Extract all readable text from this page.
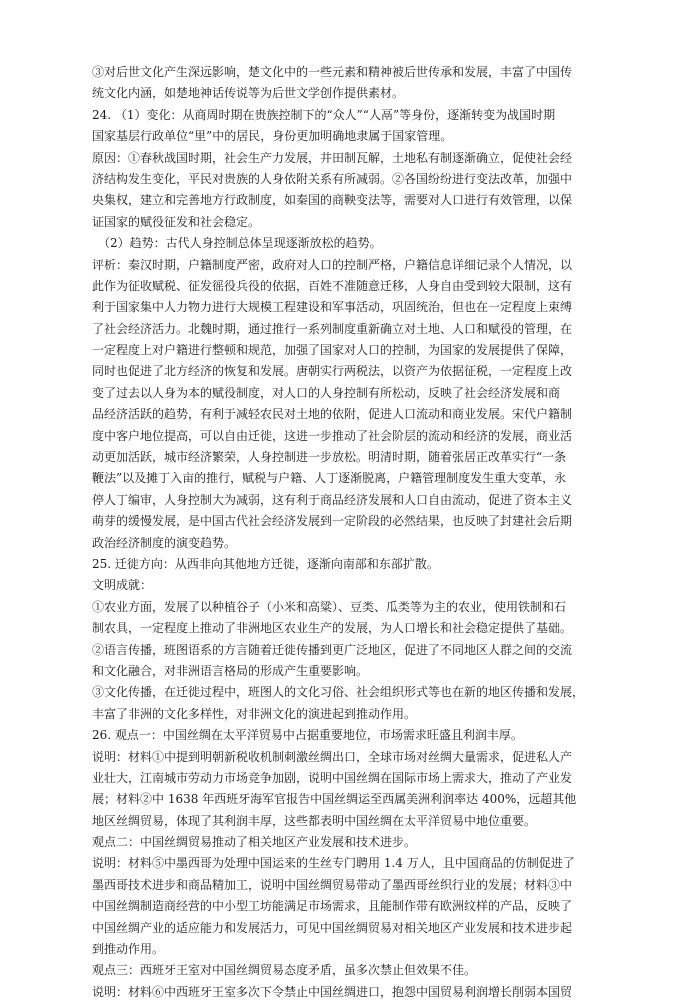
③对后世文化产生深远影响，楚文化中的一些元素和精神被后世传承和发展，丰富了中国传
统文化内涵，如楚地神话传说等为后世文学创作提供素材。
24. （1）变化：从商周时期在贵族控制下的“众人”“人鬲”等身份，逐渐转变为战国时期
国家基层行政单位“里”中的居民，身份更加明确地隶属于国家管理。
原因：①春秋战国时期，社会生产力发展，井田制瓦解，土地私有制逐渐确立，促使社会经
济结构发生变化，平民对贵族的人身依附关系有所减弱。②各国纷纷进行变法改革，加强中
央集权，建立和完善地方行政制度，如秦国的商鞅变法等，需要对人口进行有效管理，以保
证国家的赋役征发和社会稳定。
（2）趋势：古代人身控制总体呈现逐渐放松的趋势。
评析：秦汉时期，户籍制度严密，政府对人口的控制严格，户籍信息详细记录个人情况，以
此作为征收赋税、征发徭役兵役的依据，百姓不准随意迁移，人身自由受到较大限制，这有
利于国家集中人力物力进行大规模工程建设和军事活动，巩固统治，但也在一定程度上束缚
了社会经济活力。北魏时期，通过推行一系列制度重新确立对土地、人口和赋役的管理，在
一定程度上对户籍进行整顿和规范，加强了国家对人口的控制，为国家的发展提供了保障，
同时也促进了北方经济的恢复和发展。唐朝实行两税法，以资产为依据征税，一定程度上改
变了过去以人身为本的赋役制度，对人口的人身控制有所松动，反映了社会经济发展和商
品经济活跃的趋势，有利于减轻农民对土地的依附，促进人口流动和商业发展。宋代户籍制
度中客户地位提高，可以自由迁徙，这进一步推动了社会阶层的流动和经济的发展，商业活
动更加活跃，城市经济繁荣，人身控制进一步放松。明清时期，随着张居正改革实行“一条
鞭法”以及摊丁入亩的推行，赋税与户籍、人丁逐渐脱离，户籍管理制度发生重大变革，永
停人丁编审，人身控制大为减弱，这有利于商品经济发展和人口自由流动，促进了资本主义
萌芽的缓慢发展，是中国古代社会经济发展到一定阶段的必然结果，也反映了封建社会后期
政治经济制度的演变趋势。
25. 迁徙方向：从西非向其他地方迁徙，逐渐向南部和东部扩散。
文明成就：
①农业方面，发展了以种植谷子（小米和高粱）、豆类、瓜类等为主的农业，使用铁制和石
制农具，一定程度上推动了非洲地区农业生产的发展，为人口增长和社会稳定提供了基础。
②语言传播，班图语系的方言随着迁徙传播到更广泛地区，促进了不同地区人群之间的交流
和文化融合，对非洲语言格局的形成产生重要影响。
③文化传播，在迁徙过程中，班图人的文化习俗、社会组织形式等也在新的地区传播和发展，
丰富了非洲的文化多样性，对非洲文化的演进起到推动作用。
26. 观点一：中国丝绸在太平洋贸易中占据重要地位，市场需求旺盛且利润丰厚。
说明：材料①中提到明朝新税收机制刺激丝绸出口，全球市场对丝绸大量需求，促进私人产
业壮大，江南城市劳动力市场竞争加剧，说明中国丝绸在国际市场上需求大，推动了产业发
展；材料②中 1638 年西班牙海军官报告中国丝绸运至西属美洲利润率达 400%，远超其他
地区丝绸贸易，体现了其利润丰厚，这些都表明中国丝绸在太平洋贸易中地位重要。
观点二：中国丝绸贸易推动了相关地区产业发展和技术进步。
说明：材料⑤中墨西哥为处理中国运来的生丝专门聘用 1.4 万人，且中国商品的仿制促进了
墨西哥技术进步和商品精加工，说明中国丝绸贸易带动了墨西哥丝织行业的发展；材料③中
中国丝绸制造商经营的中小型工坊能满足市场需求，且能制作带有欧洲纹样的产品，反映了
中国丝绸产业的适应能力和发展活力，可见中国丝绸贸易对相关地区产业发展和技术进步起
到推动作用。
观点三：西班牙王室对中国丝绸贸易态度矛盾，虽多次禁止但效果不佳。
说明：材料⑥中西班牙王室多次下令禁止中国丝绸进口，抱怨中国贸易利润增长削弱本国贸
